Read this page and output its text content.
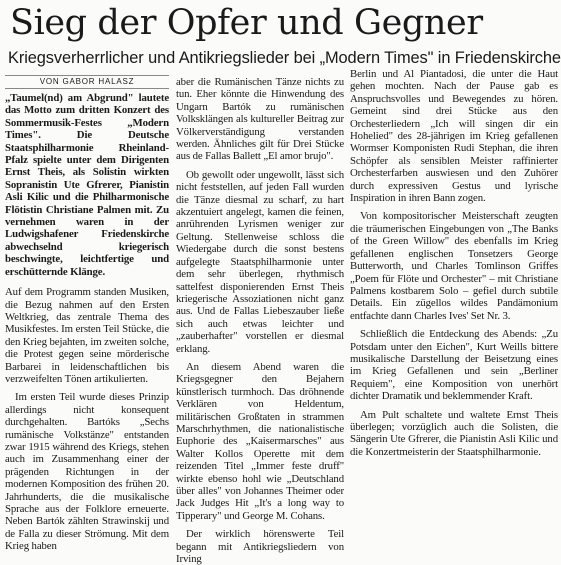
Sieg der Opfer und Gegner
Kriegsverherrlicher und Antikriegslieder bei „Modern Times" in Friedenskirche
VON GABOR HALASZ

„Taumel(nd) am Abgrund" lautete das Motto zum dritten Konzert des Sommermusik-Festes „Modern Times". Die Deutsche Staatsphilharmonie Rheinland-Pfalz spielte unter dem Dirigenten Ernst Theis, als Solistin wirkten Sopranistin Ute Gfrerer, Pianistin Asli Kilic und die Philharmonische Flötistin Christiane Palmen mit. Zu vernehmen waren in der Ludwigshafener Friedenskirche abwechselnd kriegerisch beschwingte, leichtfertige und erschütternde Klänge.

Auf dem Programm standen Musiken, die Bezug nahmen auf den Ersten Weltkrieg, das zentrale Thema des Musikfestes. Im ersten Teil Stücke, die den Krieg bejahten, im zweiten solche, die Protest gegen seine mörderische Barbarei in leidenschaftlichen bis verzweifelten Tönen artikulierten.

Im ersten Teil wurde dieses Prinzip allerdings nicht konsequent durchgehalten. Bartóks „Sechs rumänische Volkstänze" entstanden zwar 1915 während des Kriegs, stehen auch im Zusammenhang einer der prägenden Richtungen in der modernen Komposition des frühen 20. Jahrhunderts, die die musikalische Sprache aus der Folklore erneuerte. Neben Bartók zählten Strawinskij und de Falla zu dieser Strömung. Mit dem Krieg haben

aber die Rumänischen Tänze nichts zu tun. Eher könnte die Hinwendung des Ungarn Bartók zu rumänischen Volksklängen als kultureller Beitrag zur Völkerverständigung verstanden werden. Ähnliches gilt für Drei Stücke aus de Fallas Ballett „El amor brujo".

Ob gewollt oder ungewollt, lässt sich nicht feststellen, auf jeden Fall wurden die Tänze diesmal zu scharf, zu hart akzentuiert angelegt, kamen die feinen, anrührenden Lyrismen weniger zur Geltung. Stellenweise schloss die Wiedergabe durch die sonst bestens aufgelegte Staatsphilharmonie unter dem sehr überlegen, rhythmisch sattelfest disponierenden Ernst Theis kriegerische Assoziationen nicht ganz aus. Und de Fallas Liebeszauber ließe sich auch etwas leichter und „zauberhafter" vorstellen er diesmal erklang.

An diesem Abend waren die Kriegsgegner den Bejahern künstlerisch turmhoch. Das dröhnende Verklären von Heldentum, militärischen Großtaten in strammen Marschrhythmen, die nationalistische Euphorie des „Kaisermarsches" aus Walter Kollos Operette mit dem reizenden Titel „Immer feste druff" wirkte ebenso hohl wie „Deutschland über alles" von Johannes Theimer oder Jack Judges Hit „It's a long way to Tipperary" und George M. Cohans.

Der wirklich hörenswerte Teil begann mit Antikriegsliedern von Irving

Berlin und Al Piantadosi, die unter die Haut gehen mochten. Nach der Pause gab es Anspruchsvolles und Bewegendes zu hören. Gemeint sind drei Stücke aus den Orchesterliedern „Ich will singen dir ein Hohelied" des 28-jährigen im Krieg gefallenen Wormser Komponisten Rudi Stephan, die ihren Schöpfer als sensiblen Meister raffinierter Orchesterfarben auswiesen und den Zuhörer durch expressiven Gestus und lyrische Inspiration in ihren Bann zogen.

Von kompositorischer Meisterschaft zeugten die träumerischen Eingebungen von „The Banks of the Green Willow" des ebenfalls im Krieg gefallenen englischen Tonsetzers George Butterworth, und Charles Tomlinson Griffes „Poem für Flöte und Orchester" – mit Christiane Palmens kostbarem Solo – gefiel durch subtile Details. Ein zügellos wildes Pandämonium entfachte dann Charles Ives' Set Nr. 3.

Schließlich die Entdeckung des Abends: „Zu Potsdam unter den Eichen", Kurt Weills bittere musikalische Darstellung der Beisetzung eines im Krieg Gefallenen und sein „Berliner Requiem", eine Komposition von unerhört dichter Dramatik und beklemmender Kraft.

Am Pult schaltete und waltete Ernst Theis überlegen; vorzüglich auch die Solisten, die Sängerin Ute Gfrerer, die Pianistin Asli Kilic und die Konzertmeisterin der Staatsphilharmonie.
